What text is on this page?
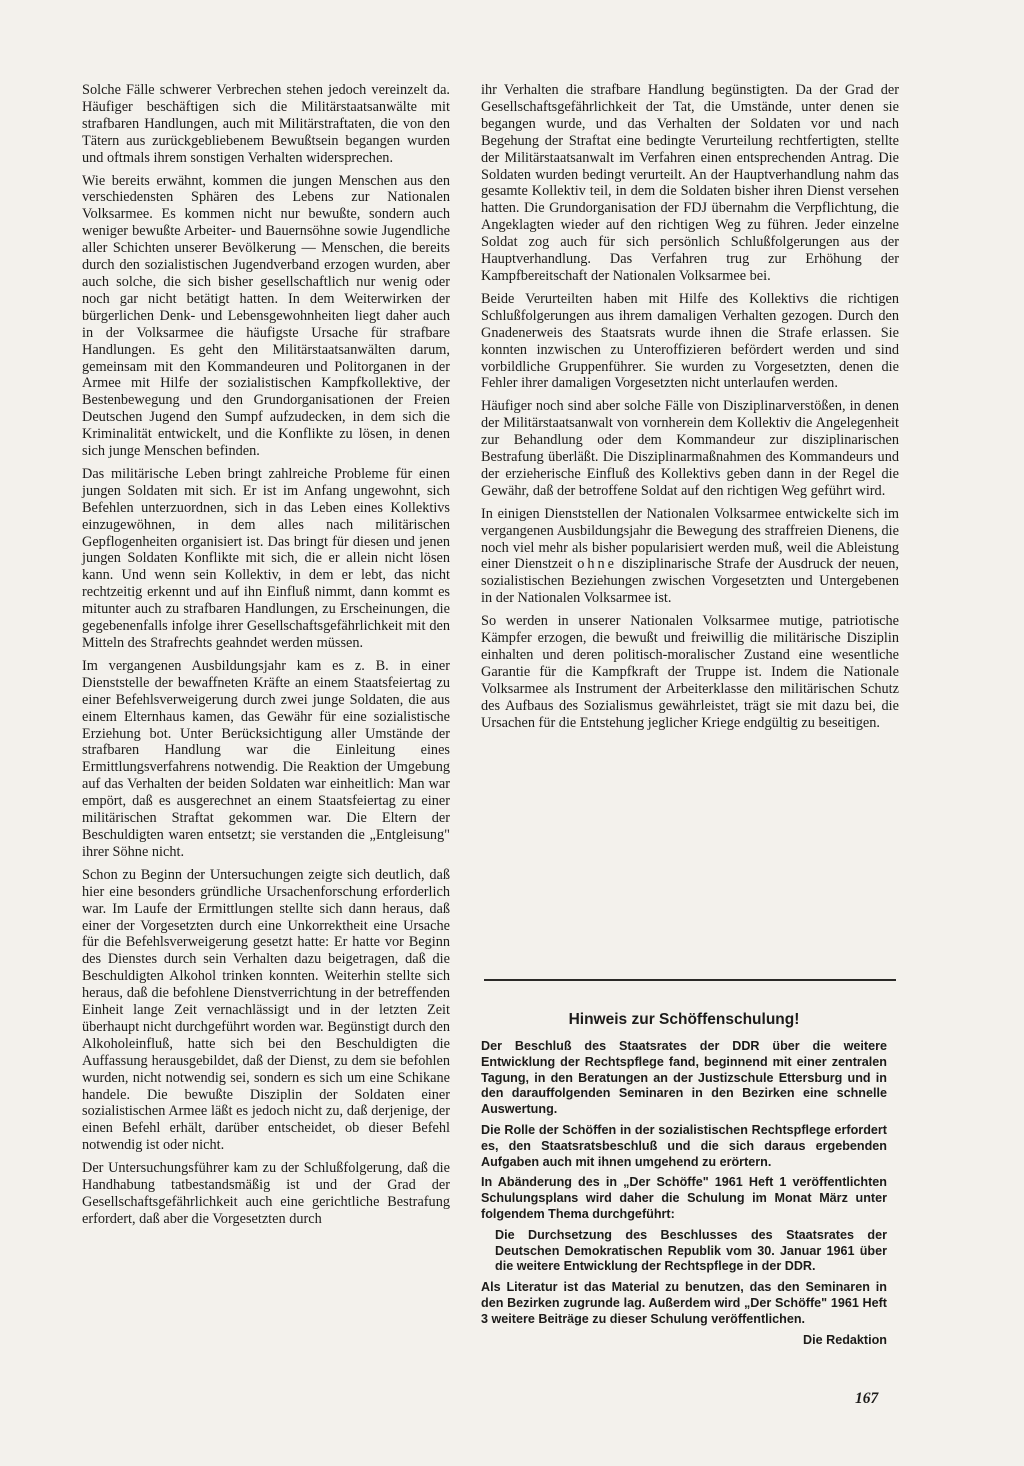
Solche Fälle schwerer Verbrechen stehen jedoch vereinzelt da. Häufiger beschäftigen sich die Militärstaatsanwälte mit strafbaren Handlungen, auch mit Militärstraftaten, die von den Tätern aus zurückgebliebenem Bewußtsein begangen wurden und oftmals ihrem sonstigen Verhalten widersprechen.

Wie bereits erwähnt, kommen die jungen Menschen aus den verschiedensten Sphären des Lebens zur Nationalen Volksarmee. Es kommen nicht nur bewußte, sondern auch weniger bewußte Arbeiter- und Bauernsöhne sowie Jugendliche aller Schichten unserer Bevölkerung — Menschen, die bereits durch den sozialistischen Jugendverband erzogen wurden, aber auch solche, die sich bisher gesellschaftlich nur wenig oder noch gar nicht betätigt hatten. In dem Weiterwirken der bürgerlichen Denk- und Lebensgewohnheiten liegt daher auch in der Volksarmee die häufigste Ursache für strafbare Handlungen. Es geht den Militärstaatsanwälten darum, gemeinsam mit den Kommandeuren und Politorganen in der Armee mit Hilfe der sozialistischen Kampfkollektive, der Bestenbewegung und den Grundorganisationen der Freien Deutschen Jugend den Sumpf aufzudecken, in dem sich die Kriminalität entwickelt, und die Konflikte zu lösen, in denen sich junge Menschen befinden.

Das militärische Leben bringt zahlreiche Probleme für einen jungen Soldaten mit sich. Er ist im Anfang ungewohnt, sich Befehlen unterzuordnen, sich in das Leben eines Kollektivs einzugewöhnen, in dem alles nach militärischen Gepflogenheiten organisiert ist. Das bringt für diesen und jenen jungen Soldaten Konflikte mit sich, die er allein nicht lösen kann. Und wenn sein Kollektiv, in dem er lebt, das nicht rechtzeitig erkennt und auf ihn Einfluß nimmt, dann kommt es mitunter auch zu strafbaren Handlungen, zu Erscheinungen, die gegebenenfalls infolge ihrer Gesellschaftsgefährlichkeit mit den Mitteln des Strafrechts geahndet werden müssen.

Im vergangenen Ausbildungsjahr kam es z. B. in einer Dienststelle der bewaffneten Kräfte an einem Staatsfeiertag zu einer Befehlsverweigerung durch zwei junge Soldaten, die aus einem Elternhaus kamen, das Gewähr für eine sozialistische Erziehung bot. Unter Berücksichtigung aller Umstände der strafbaren Handlung war die Einleitung eines Ermittlungsverfahrens notwendig. Die Reaktion der Umgebung auf das Verhalten der beiden Soldaten war einheitlich: Man war empört, daß es ausgerechnet an einem Staatsfeiertag zu einer militärischen Straftat gekommen war. Die Eltern der Beschuldigten waren entsetzt; sie verstanden die „Entgleisung" ihrer Söhne nicht.

Schon zu Beginn der Untersuchungen zeigte sich deutlich, daß hier eine besonders gründliche Ursachenforschung erforderlich war. Im Laufe der Ermittlungen stellte sich dann heraus, daß einer der Vorgesetzten durch eine Unkorrektheit eine Ursache für die Befehlsverweigerung gesetzt hatte: Er hatte vor Beginn des Dienstes durch sein Verhalten dazu beigetragen, daß die Beschuldigten Alkohol trinken konnten. Weiterhin stellte sich heraus, daß die befohlene Dienstverrichtung in der betreffenden Einheit lange Zeit vernachlässigt und in der letzten Zeit überhaupt nicht durchgeführt worden war. Begünstigt durch den Alkoholeinfluß, hatte sich bei den Beschuldigten die Auffassung herausgebildet, daß der Dienst, zu dem sie befohlen wurden, nicht notwendig sei, sondern es sich um eine Schikane handele. Die bewußte Disziplin der Soldaten einer sozialistischen Armee läßt es jedoch nicht zu, daß derjenige, der einen Befehl erhält, darüber entscheidet, ob dieser Befehl notwendig ist oder nicht.

Der Untersuchungsführer kam zu der Schlußfolgerung, daß die Handhabung tatbestandsmäßig ist und der Grad der Gesellschaftsgefährlichkeit auch eine gerichtliche Bestrafung erfordert, daß aber die Vorgesetzten durch

ihr Verhalten die strafbare Handlung begünstigten. Da der Grad der Gesellschaftsgefährlichkeit der Tat, die Umstände, unter denen sie begangen wurde, und das Verhalten der Soldaten vor und nach Begehung der Straftat eine bedingte Verurteilung rechtfertigten, stellte der Militärstaatsanwalt im Verfahren einen entsprechenden Antrag. Die Soldaten wurden bedingt verurteilt. An der Hauptverhandlung nahm das gesamte Kollektiv teil, in dem die Soldaten bisher ihren Dienst versehen hatten. Die Grundorganisation der FDJ übernahm die Verpflichtung, die Angeklagten wieder auf den richtigen Weg zu führen. Jeder einzelne Soldat zog auch für sich persönlich Schlußfolgerungen aus der Hauptverhandlung. Das Verfahren trug zur Erhöhung der Kampfbereitschaft der Nationalen Volksarmee bei.

Beide Verurteilten haben mit Hilfe des Kollektivs die richtigen Schlußfolgerungen aus ihrem damaligen Verhalten gezogen. Durch den Gnadenerweis des Staatsrats wurde ihnen die Strafe erlassen. Sie konnten inzwischen zu Unteroffizieren befördert werden und sind vorbildliche Gruppenführer. Sie wurden zu Vorgesetzten, denen die Fehler ihrer damaligen Vorgesetzten nicht unterlaufen werden.

Häufiger noch sind aber solche Fälle von Disziplinarverstößen, in denen der Militärstaatsanwalt von vornherein dem Kollektiv die Angelegenheit zur Behandlung oder dem Kommandeur zur disziplinarischen Bestrafung überläßt. Die Disziplinarmaßnahmen des Kommandeurs und der erzieherische Einfluß des Kollektivs geben dann in der Regel die Gewähr, daß der betroffene Soldat auf den richtigen Weg geführt wird.

In einigen Dienststellen der Nationalen Volksarmee entwickelte sich im vergangenen Ausbildungsjahr die Bewegung des straffreien Dienens, die noch viel mehr als bisher popularisiert werden muß, weil die Ableistung einer Dienstzeit ohne disziplinarische Strafe der Ausdruck der neuen, sozialistischen Beziehungen zwischen Vorgesetzten und Untergebenen in der Nationalen Volksarmee ist.

So werden in unserer Nationalen Volksarmee mutige, patriotische Kämpfer erzogen, die bewußt und freiwillig die militärische Disziplin einhalten und deren politisch-moralischer Zustand eine wesentliche Garantie für die Kampfkraft der Truppe ist. Indem die Nationale Volksarmee als Instrument der Arbeiterklasse den militärischen Schutz des Aufbaus des Sozialismus gewährleistet, trägt sie mit dazu bei, die Ursachen für die Entstehung jeglicher Kriege endgültig zu beseitigen.

Hinweis zur Schöffenschulung!

Der Beschluß des Staatsrates der DDR über die weitere Entwicklung der Rechtspflege fand, beginnend mit einer zentralen Tagung, in den Beratungen an der Justizschule Ettersburg und in den darauffolgenden Seminaren in den Bezirken eine schnelle Auswertung.

Die Rolle der Schöffen in der sozialistischen Rechtspflege erfordert es, den Staatsratsbeschluß und die sich daraus ergebenden Aufgaben auch mit ihnen umgehend zu erörtern.

In Abänderung des in „Der Schöffe" 1961 Heft 1 veröffentlichten Schulungsplans wird daher die Schulung im Monat März unter folgendem Thema durchgeführt:

Die Durchsetzung des Beschlusses des Staatsrates der Deutschen Demokratischen Republik vom 30. Januar 1961 über die weitere Entwicklung der Rechtspflege in der DDR.

Als Literatur ist das Material zu benutzen, das den Seminaren in den Bezirken zugrunde lag. Außerdem wird „Der Schöffe" 1961 Heft 3 weitere Beiträge zu dieser Schulung veröffentlichen.

Die Redaktion

167
